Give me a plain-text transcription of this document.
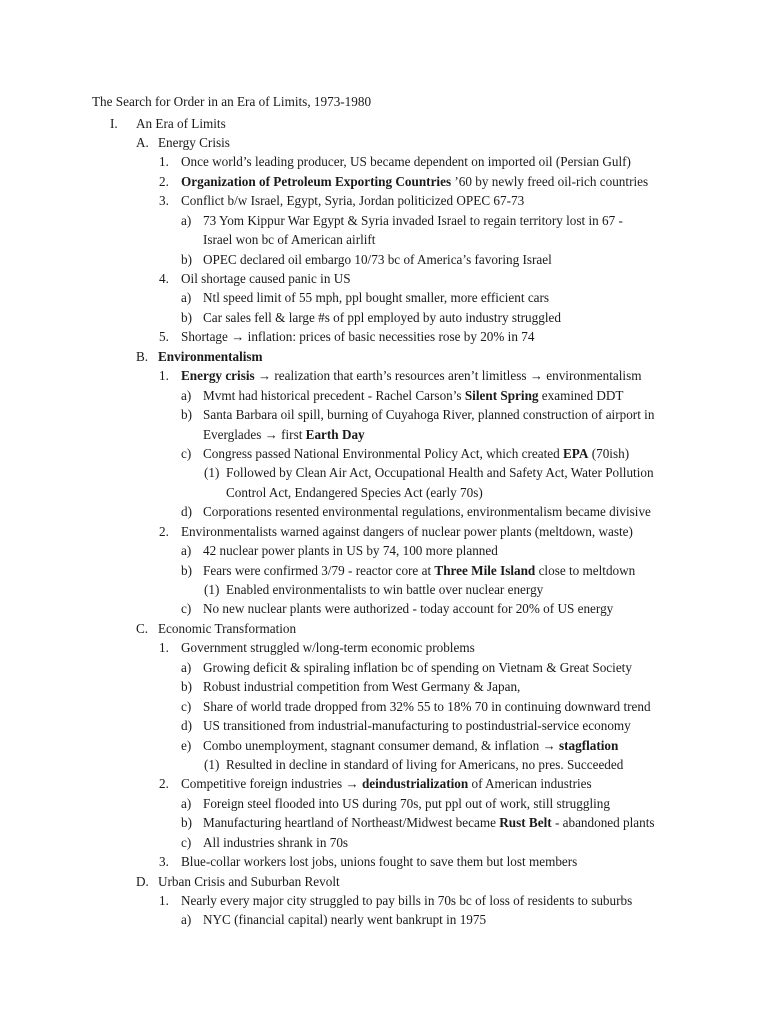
The Search for Order in an Era of Limits, 1973-1980
I. An Era of Limits
A. Energy Crisis
1. Once world’s leading producer, US became dependent on imported oil (Persian Gulf)
2. Organization of Petroleum Exporting Countries ’60 by newly freed oil-rich countries
3. Conflict b/w Israel, Egypt, Syria, Jordan politicized OPEC 67-73
a) 73 Yom Kippur War Egypt & Syria invaded Israel to regain territory lost in 67 -
Israel won bc of American airlift
b) OPEC declared oil embargo 10/73 bc of America’s favoring Israel
4. Oil shortage caused panic in US
a) Ntl speed limit of 55 mph, ppl bought smaller, more efficient cars
b) Car sales fell & large #s of ppl employed by auto industry struggled
5. Shortage → inflation: prices of basic necessities rose by 20% in 74
B. Environmentalism
1. Energy crisis → realization that earth’s resources aren’t limitless → environmentalism
a) Mvmt had historical precedent - Rachel Carson’s Silent Spring examined DDT
b) Santa Barbara oil spill, burning of Cuyahoga River, planned construction of airport in
Everglades → first Earth Day
c) Congress passed National Environmental Policy Act, which created EPA (70ish)
(1) Followed by Clean Air Act, Occupational Health and Safety Act, Water Pollution
Control Act, Endangered Species Act (early 70s)
d) Corporations resented environmental regulations, environmentalism became divisive
2. Environmentalists warned against dangers of nuclear power plants (meltdown, waste)
a) 42 nuclear power plants in US by 74, 100 more planned
b) Fears were confirmed 3/79 - reactor core at Three Mile Island close to meltdown
(1) Enabled environmentalists to win battle over nuclear energy
c) No new nuclear plants were authorized - today account for 20% of US energy
C. Economic Transformation
1. Government struggled w/long-term economic problems
a) Growing deficit & spiraling inflation bc of spending on Vietnam & Great Society
b) Robust industrial competition from West Germany & Japan,
c) Share of world trade dropped from 32% 55 to 18% 70 in continuing downward trend
d) US transitioned from industrial-manufacturing to postindustrial-service economy
e) Combo unemployment, stagnant consumer demand, & inflation → stagflation
(1) Resulted in decline in standard of living for Americans, no pres. Succeeded
2. Competitive foreign industries → deindustrialization of American industries
a) Foreign steel flooded into US during 70s, put ppl out of work, still struggling
b) Manufacturing heartland of Northeast/Midwest became Rust Belt - abandoned plants
c) All industries shrank in 70s
3. Blue-collar workers lost jobs, unions fought to save them but lost members
D. Urban Crisis and Suburban Revolt
1. Nearly every major city struggled to pay bills in 70s bc of loss of residents to suburbs
a) NYC (financial capital) nearly went bankrupt in 1975
